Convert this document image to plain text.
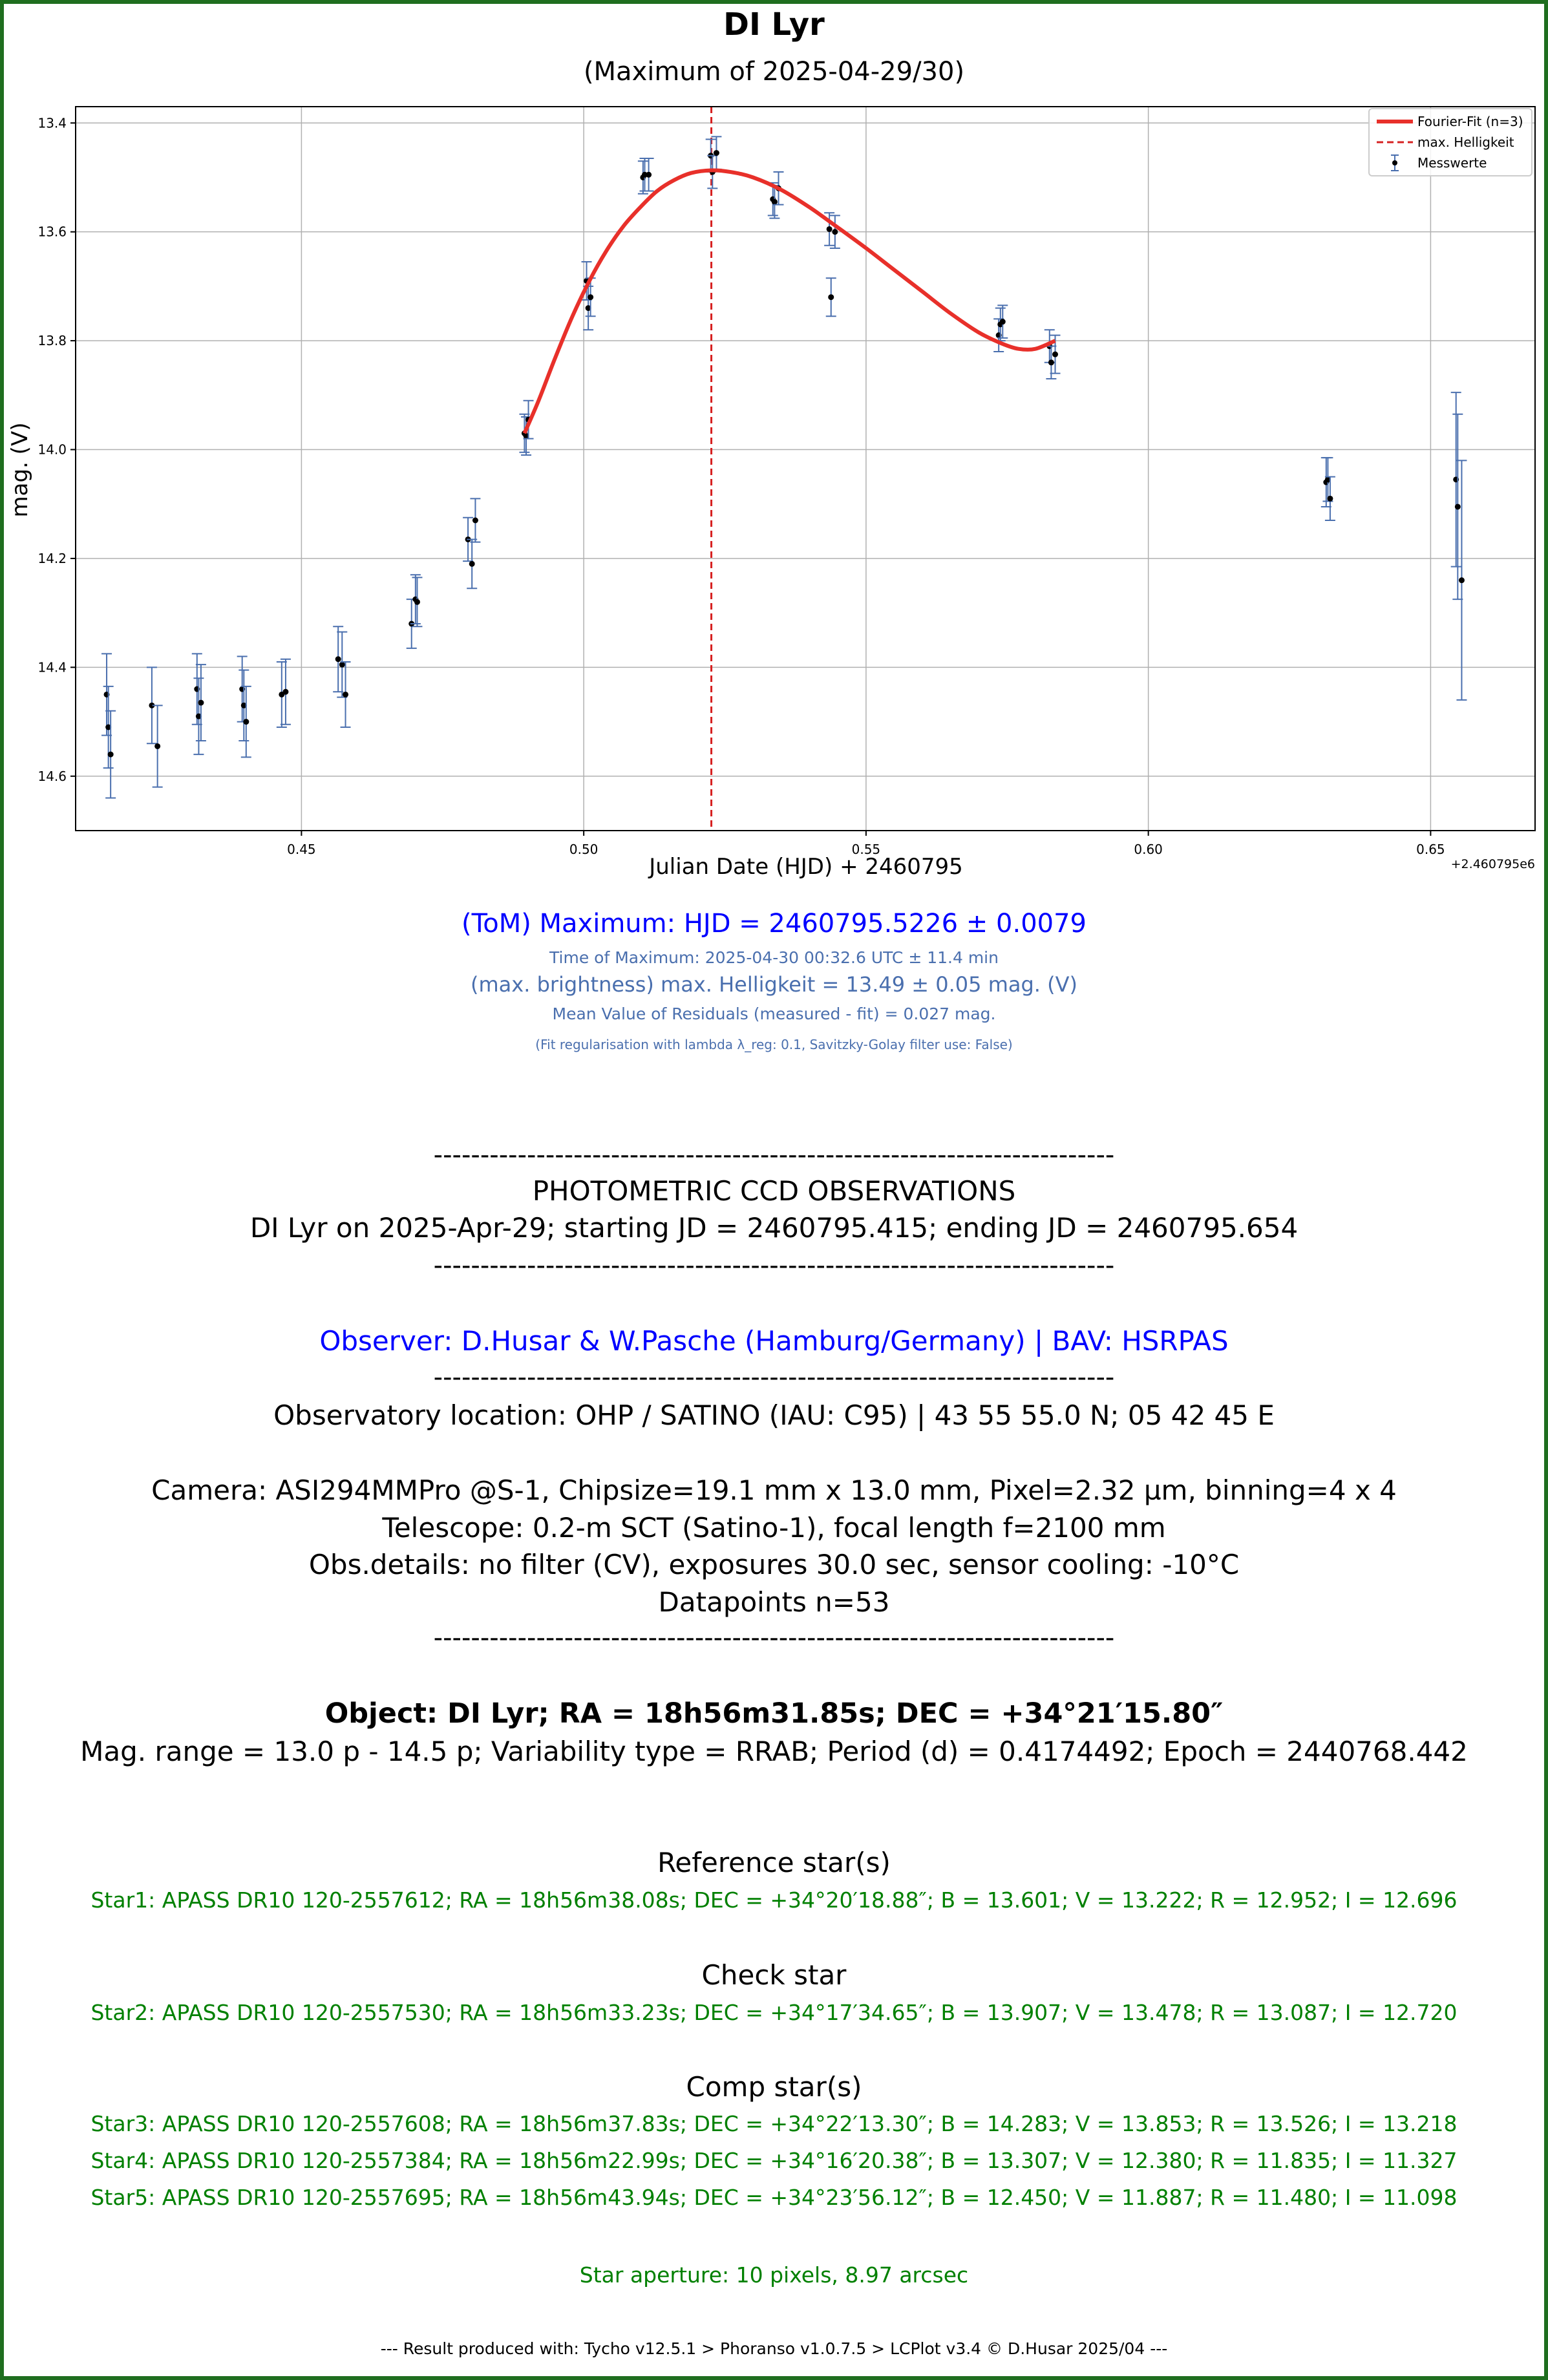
DI Lyr
(Maximum of 2025-04-29/30)
0.45	0.50	0.55	0.60	0.65
13.4
13.6
13.8
14.0
14.2
14.4
14.6
Julian Date (HJD) + 2460795
mag. (V)
+2.460795e6
Fourier-Fit (n=3)
max. Helligkeit
Messwerte
(ToM) Maximum: HJD = 2460795.5226 ± 0.0079
Time of Maximum: 2025-04-30 00:32.6 UTC ± 11.4 min
(max. brightness) max. Helligkeit = 13.49 ± 0.05 mag. (V)
Mean Value of Residuals (measured - fit) = 0.027 mag.
(Fit regularisation with lambda λ_reg: 0.1, Savitzky-Golay filter use: False)
-------------------------------------------------------------------------
PHOTOMETRIC CCD OBSERVATIONS
DI Lyr on 2025-Apr-29; starting JD = 2460795.415; ending JD = 2460795.654
-------------------------------------------------------------------------
Observer: D.Husar & W.Pasche (Hamburg/Germany) | BAV: HSRPAS
-------------------------------------------------------------------------
Observatory location: OHP / SATINO (IAU: C95) | 43 55 55.0 N; 05 42 45 E
Camera: ASI294MMPro @S-1, Chipsize=19.1 mm x 13.0 mm, Pixel=2.32 µm, binning=4 x 4
Telescope: 0.2-m SCT (Satino-1), focal length f=2100 mm
Obs.details: no filter (CV), exposures 30.0 sec, sensor cooling: -10°C
Datapoints n=53
-------------------------------------------------------------------------
Object: DI Lyr; RA = 18h56m31.85s; DEC = +34°21′15.80″
Mag. range = 13.0 p - 14.5 p; Variability type = RRAB; Period (d) = 0.4174492; Epoch = 2440768.442
Reference star(s)
Star1: APASS DR10 120-2557612; RA = 18h56m38.08s; DEC = +34°20′18.88″; B = 13.601; V = 13.222; R = 12.952; I = 12.696
Check star
Star2: APASS DR10 120-2557530; RA = 18h56m33.23s; DEC = +34°17′34.65″; B = 13.907; V = 13.478; R = 13.087; I = 12.720
Comp star(s)
Star3: APASS DR10 120-2557608; RA = 18h56m37.83s; DEC = +34°22′13.30″; B = 14.283; V = 13.853; R = 13.526; I = 13.218
Star4: APASS DR10 120-2557384; RA = 18h56m22.99s; DEC = +34°16′20.38″; B = 13.307; V = 12.380; R = 11.835; I = 11.327
Star5: APASS DR10 120-2557695; RA = 18h56m43.94s; DEC = +34°23′56.12″; B = 12.450; V = 11.887; R = 11.480; I = 11.098
Star aperture: 10 pixels, 8.97 arcsec
--- Result produced with: Tycho v12.5.1 > Phoranso v1.0.7.5 > LCPlot v3.4 © D.Husar 2025/04 ---
